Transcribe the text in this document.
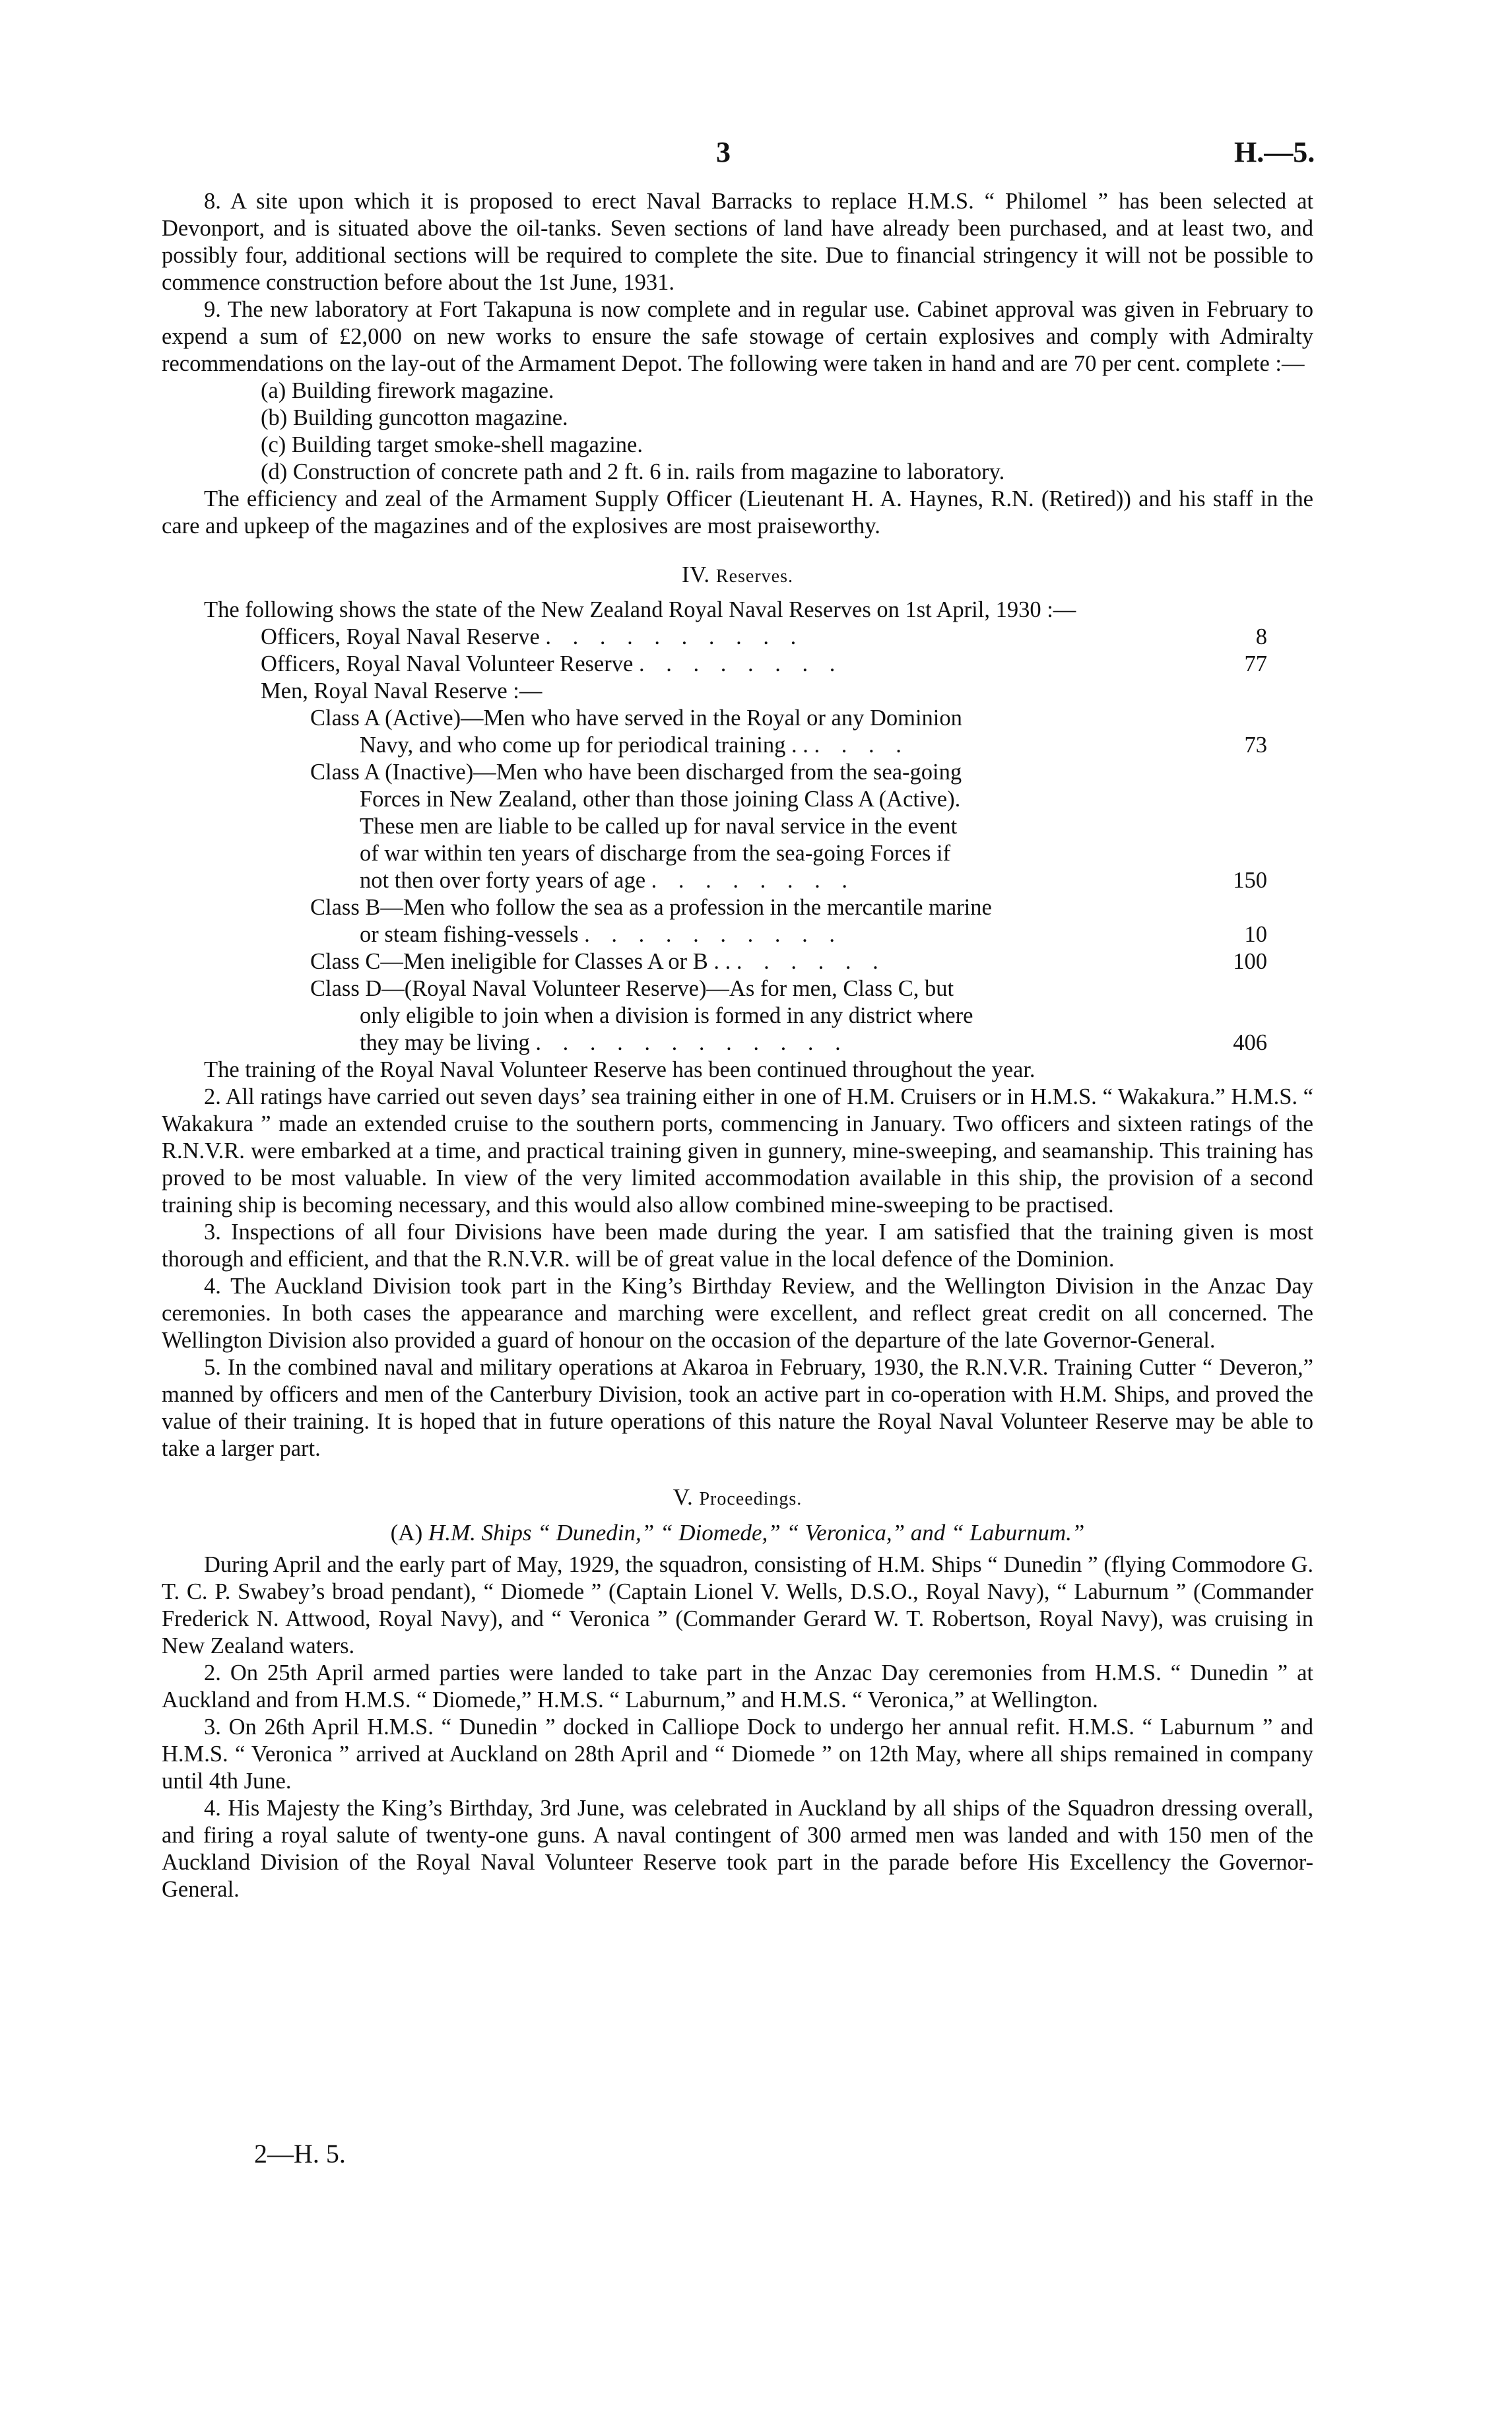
3	H.—5.

8. A site upon which it is proposed to erect Naval Barracks to replace H.M.S. “ Philomel ” has been selected at Devonport, and is situated above the oil-tanks. Seven sections of land have already been purchased, and at least two, and possibly four, additional sections will be required to complete the site. Due to financial stringency it will not be possible to commence construction before about the 1st June, 1931.

9. The new laboratory at Fort Takapuna is now complete and in regular use. Cabinet approval was given in February to expend a sum of £2,000 on new works to ensure the safe stowage of certain explosives and comply with Admiralty recommendations on the lay-out of the Armament Depot. The following were taken in hand and are 70 per cent. complete :—

(a) Building firework magazine.
(b) Building guncotton magazine.
(c) Building target smoke-shell magazine.
(d) Construction of concrete path and 2 ft. 6 in. rails from magazine to laboratory.

The efficiency and zeal of the Armament Supply Officer (Lieutenant H. A. Haynes, R.N. (Retired)) and his staff in the care and upkeep of the magazines and of the explosives are most praiseworthy.

IV. Reserves.

The following shows the state of the New Zealand Royal Naval Reserves on 1st April, 1930 :—

Officers, Royal Naval Reserve . . . . . . . . . .	8
Officers, Royal Naval Volunteer Reserve . . . . . . . .	77
Men, Royal Naval Reserve :—
Class A (Active)—Men who have served in the Royal or any Dominion
Navy, and who come up for periodical training . . . . . .	73
Class A (Inactive)—Men who have been discharged from the sea-going
Forces in New Zealand, other than those joining Class A (Active).
These men are liable to be called up for naval service in the event
of war within ten years of discharge from the sea-going Forces if
not then over forty years of age . . . . . . . .	150
Class B—Men who follow the sea as a profession in the mercantile marine
or steam fishing-vessels . . . . . . . . . .	10
Class C—Men ineligible for Classes A or B . . . . . . . .	100
Class D—(Royal Naval Volunteer Reserve)—As for men, Class C, but
only eligible to join when a division is formed in any district where
they may be living . . . . . . . . . . . .	406

The training of the Royal Naval Volunteer Reserve has been continued throughout the year.

2. All ratings have carried out seven days’ sea training either in one of H.M. Cruisers or in H.M.S. “ Wakakura.” H.M.S. “ Wakakura ” made an extended cruise to the southern ports, commencing in January. Two officers and sixteen ratings of the R.N.V.R. were embarked at a time, and practical training given in gunnery, mine-sweeping, and seamanship. This training has proved to be most valuable. In view of the very limited accommodation available in this ship, the provision of a second training ship is becoming necessary, and this would also allow combined mine-sweeping to be practised.

3. Inspections of all four Divisions have been made during the year. I am satisfied that the training given is most thorough and efficient, and that the R.N.V.R. will be of great value in the local defence of the Dominion.

4. The Auckland Division took part in the King’s Birthday Review, and the Wellington Division in the Anzac Day ceremonies. In both cases the appearance and marching were excellent, and reflect great credit on all concerned. The Wellington Division also provided a guard of honour on the occasion of the departure of the late Governor-General.

5. In the combined naval and military operations at Akaroa in February, 1930, the R.N.V.R. Training Cutter “ Deveron,” manned by officers and men of the Canterbury Division, took an active part in co-operation with H.M. Ships, and proved the value of their training. It is hoped that in future operations of this nature the Royal Naval Volunteer Reserve may be able to take a larger part.

V. Proceedings.
(A) H.M. Ships “ Dunedin,” “ Diomede,” “ Veronica,” and “ Laburnum.”

During April and the early part of May, 1929, the squadron, consisting of H.M. Ships “ Dunedin ” (flying Commodore G. T. C. P. Swabey’s broad pendant), “ Diomede ” (Captain Lionel V. Wells, D.S.O., Royal Navy), “ Laburnum ” (Commander Frederick N. Attwood, Royal Navy), and “ Veronica ” (Commander Gerard W. T. Robertson, Royal Navy), was cruising in New Zealand waters.

2. On 25th April armed parties were landed to take part in the Anzac Day ceremonies from H.M.S. “ Dunedin ” at Auckland and from H.M.S. “ Diomede,” H.M.S. “ Laburnum,” and H.M.S. “ Veronica,” at Wellington.

3. On 26th April H.M.S. “ Dunedin ” docked in Calliope Dock to undergo her annual refit. H.M.S. “ Laburnum ” and H.M.S. “ Veronica ” arrived at Auckland on 28th April and “ Diomede ” on 12th May, where all ships remained in company until 4th June.

4. His Majesty the King’s Birthday, 3rd June, was celebrated in Auckland by all ships of the Squadron dressing overall, and firing a royal salute of twenty-one guns. A naval contingent of 300 armed men was landed and with 150 men of the Auckland Division of the Royal Naval Volunteer Reserve took part in the parade before His Excellency the Governor-General.

2—H. 5.
